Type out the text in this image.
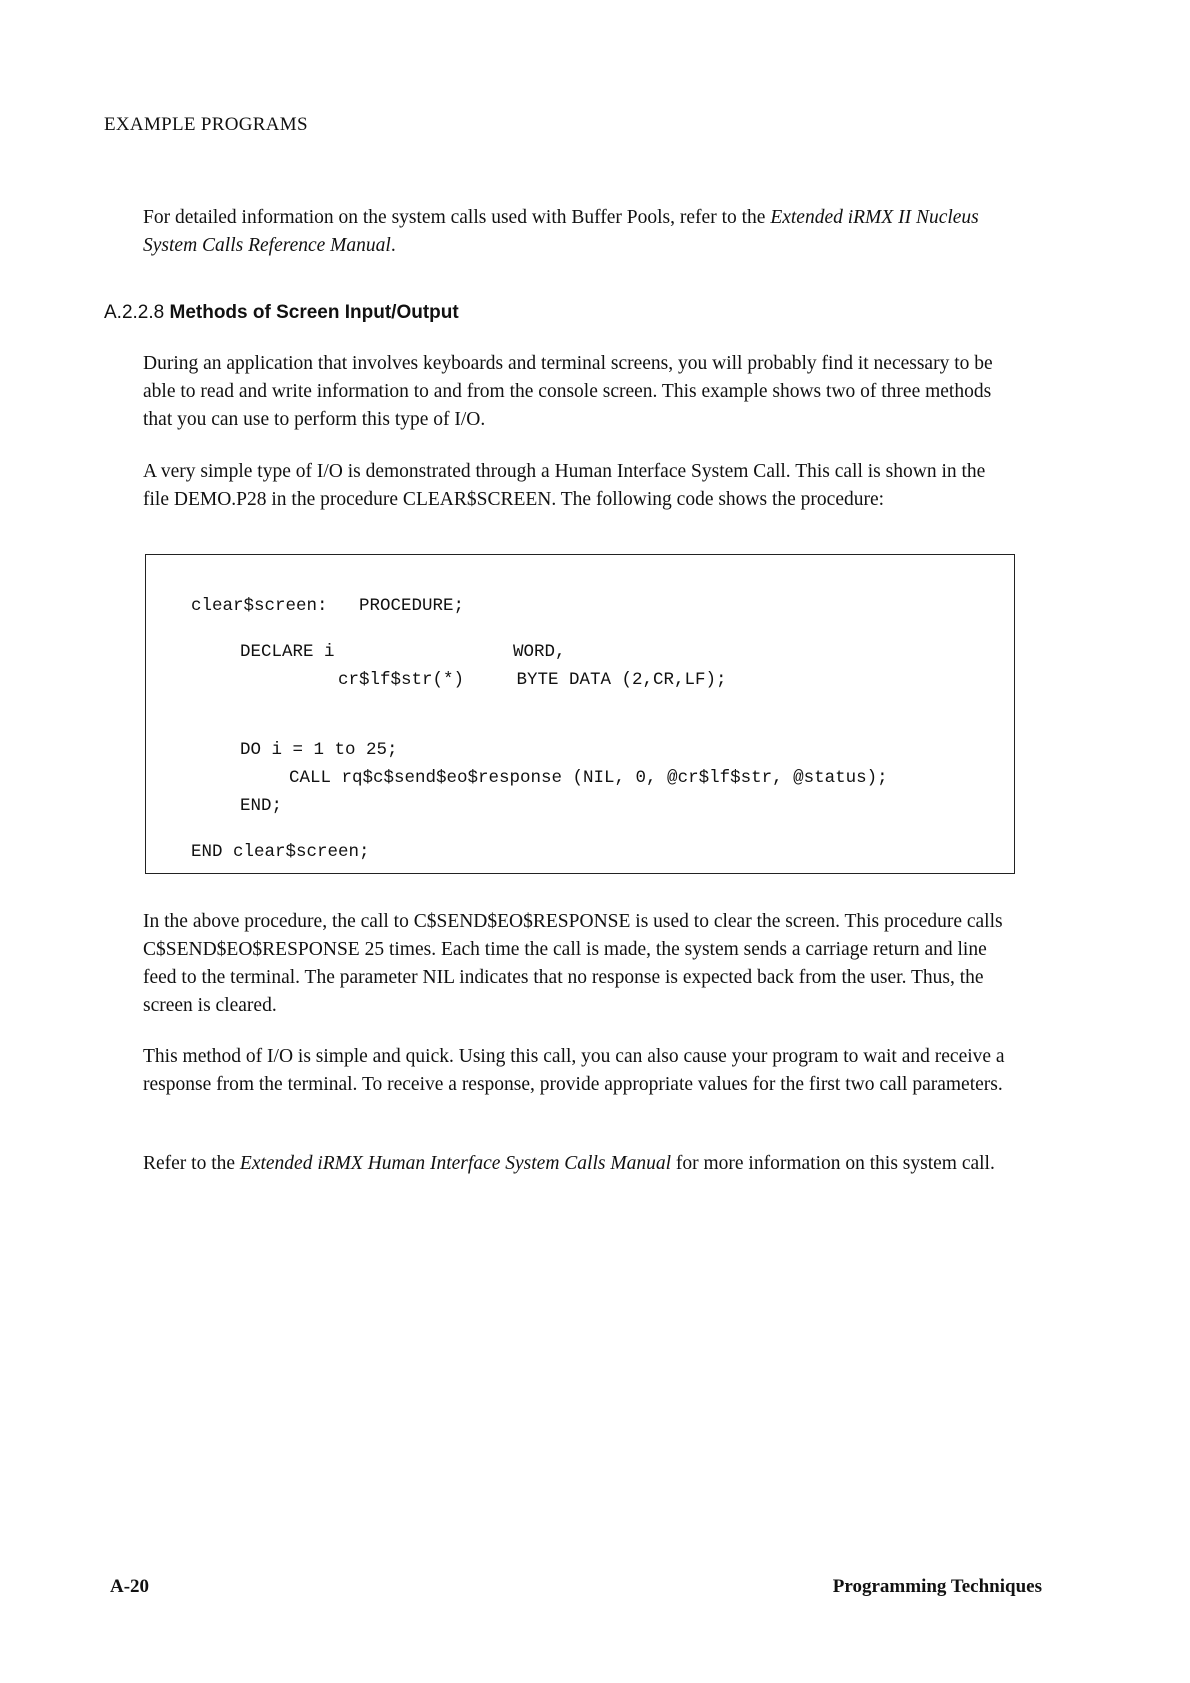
EXAMPLE PROGRAMS

For detailed information on the system calls used with Buffer Pools, refer to the Extended iRMX II Nucleus System Calls Reference Manual.

A.2.2.8 Methods of Screen Input/Output

During an application that involves keyboards and terminal screens, you will probably find it necessary to be able to read and write information to and from the console screen. This example shows two of three methods that you can use to perform this type of I/O.

A very simple type of I/O is demonstrated through a Human Interface System Call. This call is shown in the file DEMO.P28 in the procedure CLEAR$SCREEN. The following code shows the procedure:

clear$screen:   PROCEDURE;
DECLARE i                 WORD,
cr$lf$str(*)     BYTE DATA (2,CR,LF);
DO i = 1 to 25;
CALL rq$c$send$eo$response (NIL, 0, @cr$lf$str, @status);
END;
END clear$screen;

In the above procedure, the call to C$SEND$EO$RESPONSE is used to clear the screen. This procedure calls C$SEND$EO$RESPONSE 25 times. Each time the call is made, the system sends a carriage return and line feed to the terminal. The parameter NIL indicates that no response is expected back from the user. Thus, the screen is cleared.

This method of I/O is simple and quick. Using this call, you can also cause your program to wait and receive a response from the terminal. To receive a response, provide appropriate values for the first two call parameters.

Refer to the Extended iRMX Human Interface System Calls Manual for more information on this system call.

A-20	Programming Techniques
